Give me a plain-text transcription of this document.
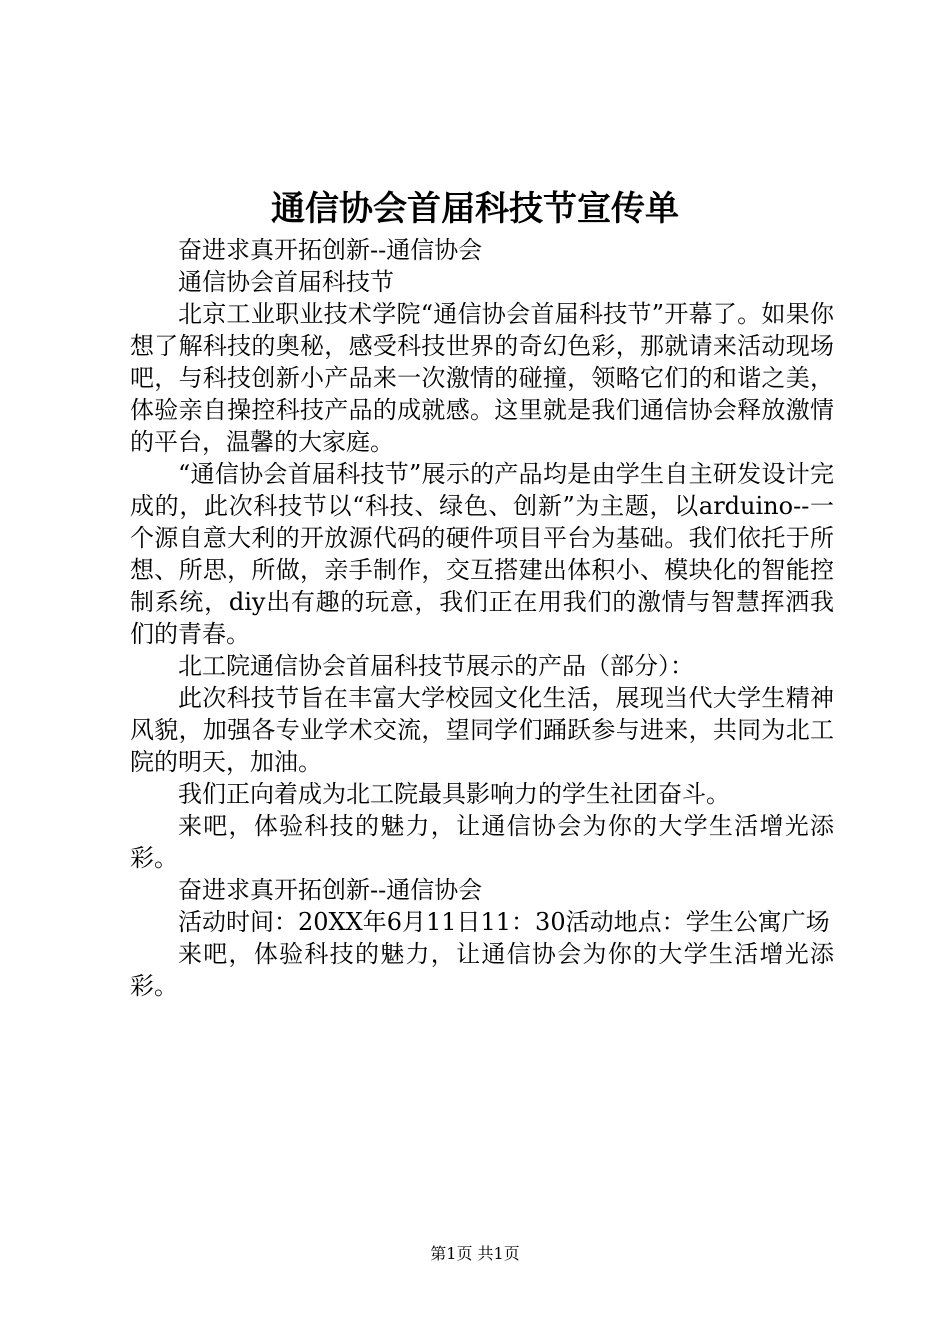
通信协会首届科技节宣传单

奋进求真开拓创新--通信协会

通信协会首届科技节

北京工业职业技术学院“通信协会首届科技节”开幕了。如果你想了解科技的奥秘，感受科技世界的奇幻色彩，那就请来活动现场吧，与科技创新小产品来一次激情的碰撞，领略它们的和谐之美，体验亲自操控科技产品的成就感。这里就是我们通信协会释放激情的平台，温馨的大家庭。

“通信协会首届科技节”展示的产品均是由学生自主研发设计完成的，此次科技节以“科技、绿色、创新”为主题，以arduino--一个源自意大利的开放源代码的硬件项目平台为基础。我们依托于所想、所思，所做，亲手制作，交互搭建出体积小、模块化的智能控制系统，diy出有趣的玩意，我们正在用我们的激情与智慧挥洒我们的青春。

北工院通信协会首届科技节展示的产品（部分）：

此次科技节旨在丰富大学校园文化生活，展现当代大学生精神风貌，加强各专业学术交流，望同学们踊跃参与进来，共同为北工院的明天，加油。

我们正向着成为北工院最具影响力的学生社团奋斗。

来吧，体验科技的魅力，让通信协会为你的大学生活增光添彩。

奋进求真开拓创新--通信协会

活动时间：20XX年6月11日11：30活动地点：学生公寓广场

来吧，体验科技的魅力，让通信协会为你的大学生活增光添彩。

第1页 共1页
